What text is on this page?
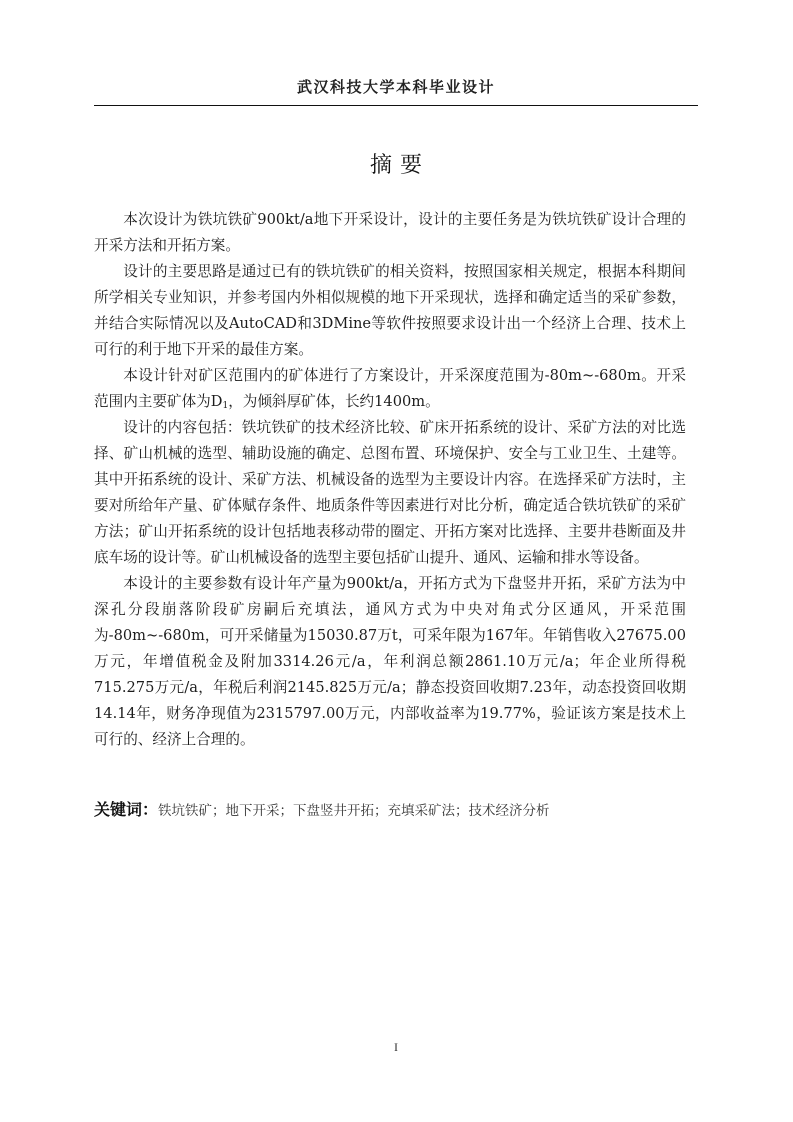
武汉科技大学本科毕业设计
摘 要

本次设计为铁坑铁矿900kt/a地下开采设计，设计的主要任务是为铁坑铁矿设计合理的开采方法和开拓方案。

设计的主要思路是通过已有的铁坑铁矿的相关资料，按照国家相关规定，根据本科期间所学相关专业知识，并参考国内外相似规模的地下开采现状，选择和确定适当的采矿参数，并结合实际情况以及AutoCAD和3DMine等软件按照要求设计出一个经济上合理、技术上可行的利于地下开采的最佳方案。

本设计针对矿区范围内的矿体进行了方案设计，开采深度范围为-80m~-680m。开采范围内主要矿体为$D_1$，为倾斜厚矿体，长约1400m。

设计的内容包括：铁坑铁矿的技术经济比较、矿床开拓系统的设计、采矿方法的对比选择、矿山机械的选型、辅助设施的确定、总图布置、环境保护、安全与工业卫生、土建等。其中开拓系统的设计、采矿方法、机械设备的选型为主要设计内容。在选择采矿方法时，主要对所给年产量、矿体赋存条件、地质条件等因素进行对比分析，确定适合铁坑铁矿的采矿方法；矿山开拓系统的设计包括地表移动带的圈定、开拓方案对比选择、主要井巷断面及井底车场的设计等。矿山机械设备的选型主要包括矿山提升、通风、运输和排水等设备。

本设计的主要参数有设计年产量为900kt/a，开拓方式为下盘竖井开拓，采矿方法为中深孔分段崩落阶段矿房嗣后充填法，通风方式为中央对角式分区通风，开采范围为-80m~-680m，可开采储量为15030.87万t，可采年限为167年。年销售收入27675.00万元，年增值税金及附加3314.26元/a，年利润总额2861.10万元/a；年企业所得税715.275万元/a，年税后利润2145.825万元/a；静态投资回收期7.23年，动态投资回收期14.14年，财务净现值为2315797.00万元，内部收益率为19.77%，验证该方案是技术上可行的、经济上合理的。

关键词：铁坑铁矿；地下开采；下盘竖井开拓；充填采矿法；技术经济分析
I
